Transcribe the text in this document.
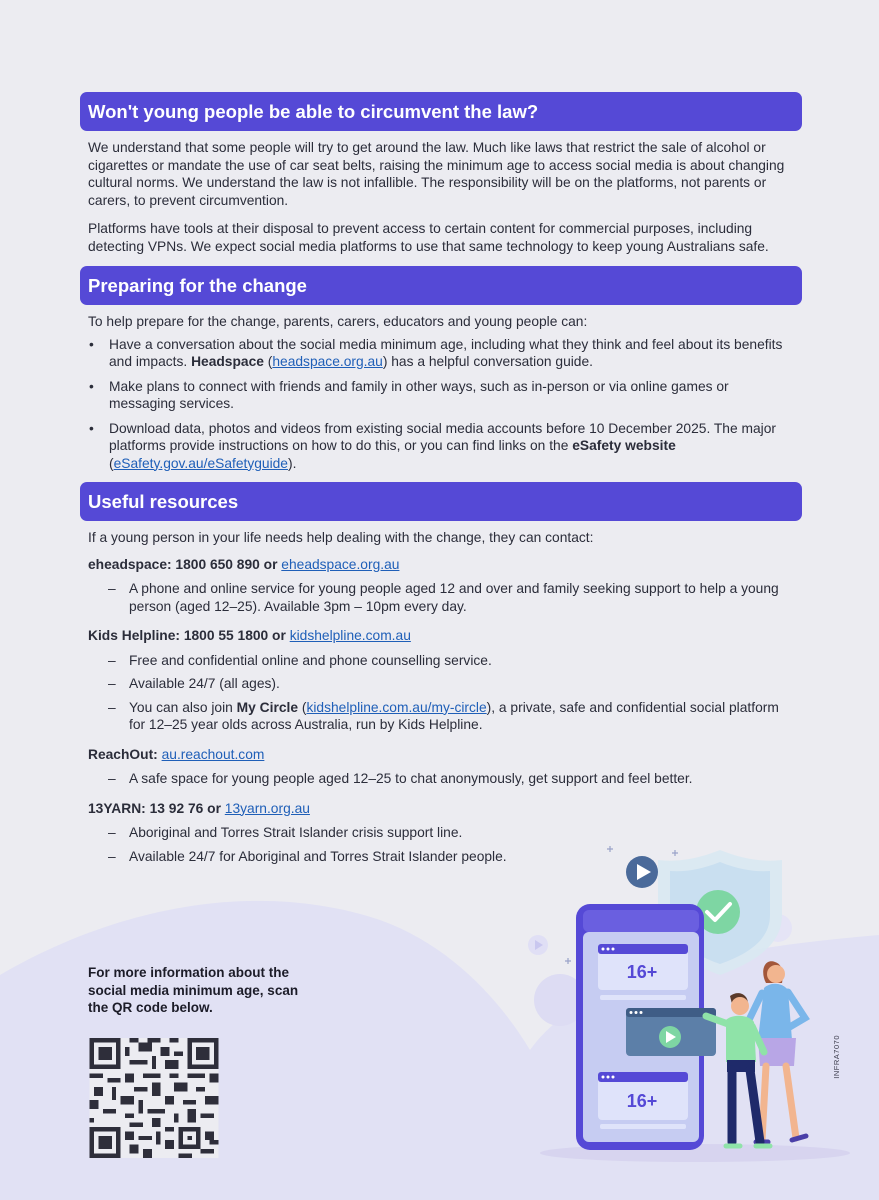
Won't young people be able to circumvent the law?

We understand that some people will try to get around the law. Much like laws that restrict the sale of alcohol or cigarettes or mandate the use of car seat belts, raising the minimum age to access social media is about changing cultural norms. We understand the law is not infallible. The responsibility will be on the platforms, not parents or carers, to prevent circumvention.

Platforms have tools at their disposal to prevent access to certain content for commercial purposes, including detecting VPNs. We expect social media platforms to use that same technology to keep young Australians safe.

Preparing for the change

To help prepare for the change, parents, carers, educators and young people can:

• Have a conversation about the social media minimum age, including what they think and feel about its benefits and impacts. Headspace (headspace.org.au) has a helpful conversation guide.
• Make plans to connect with friends and family in other ways, such as in-person or via online games or messaging services.
• Download data, photos and videos from existing social media accounts before 10 December 2025. The major platforms provide instructions on how to do this, or you can find links on the eSafety website (eSafety.gov.au/eSafetyguide).
Useful resources

If a young person in your life needs help dealing with the change, they can contact:

eheadspace: 1800 650 890 or eheadspace.org.au
– A phone and online service for young people aged 12 and over and family seeking support to help a young person (aged 12–25). Available 3pm – 10pm every day.
Kids Helpline: 1800 55 1800 or kidshelpline.com.au
– Free and confidential online and phone counselling service.
– Available 24/7 (all ages).
– You can also join My Circle (kidshelpline.com.au/my-circle), a private, safe and confidential social platform for 12–25 year olds across Australia, run by Kids Helpline.
ReachOut: au.reachout.com
– A safe space for young people aged 12–25 to chat anonymously, get support and feel better.
13YARN: 13 92 76 or 13yarn.org.au
– Aboriginal and Torres Strait Islander crisis support line.
– Available 24/7 for Aboriginal and Torres Strait Islander people.
For more information about the social media minimum age, scan the QR code below.
16+
16+
INFRA7070
